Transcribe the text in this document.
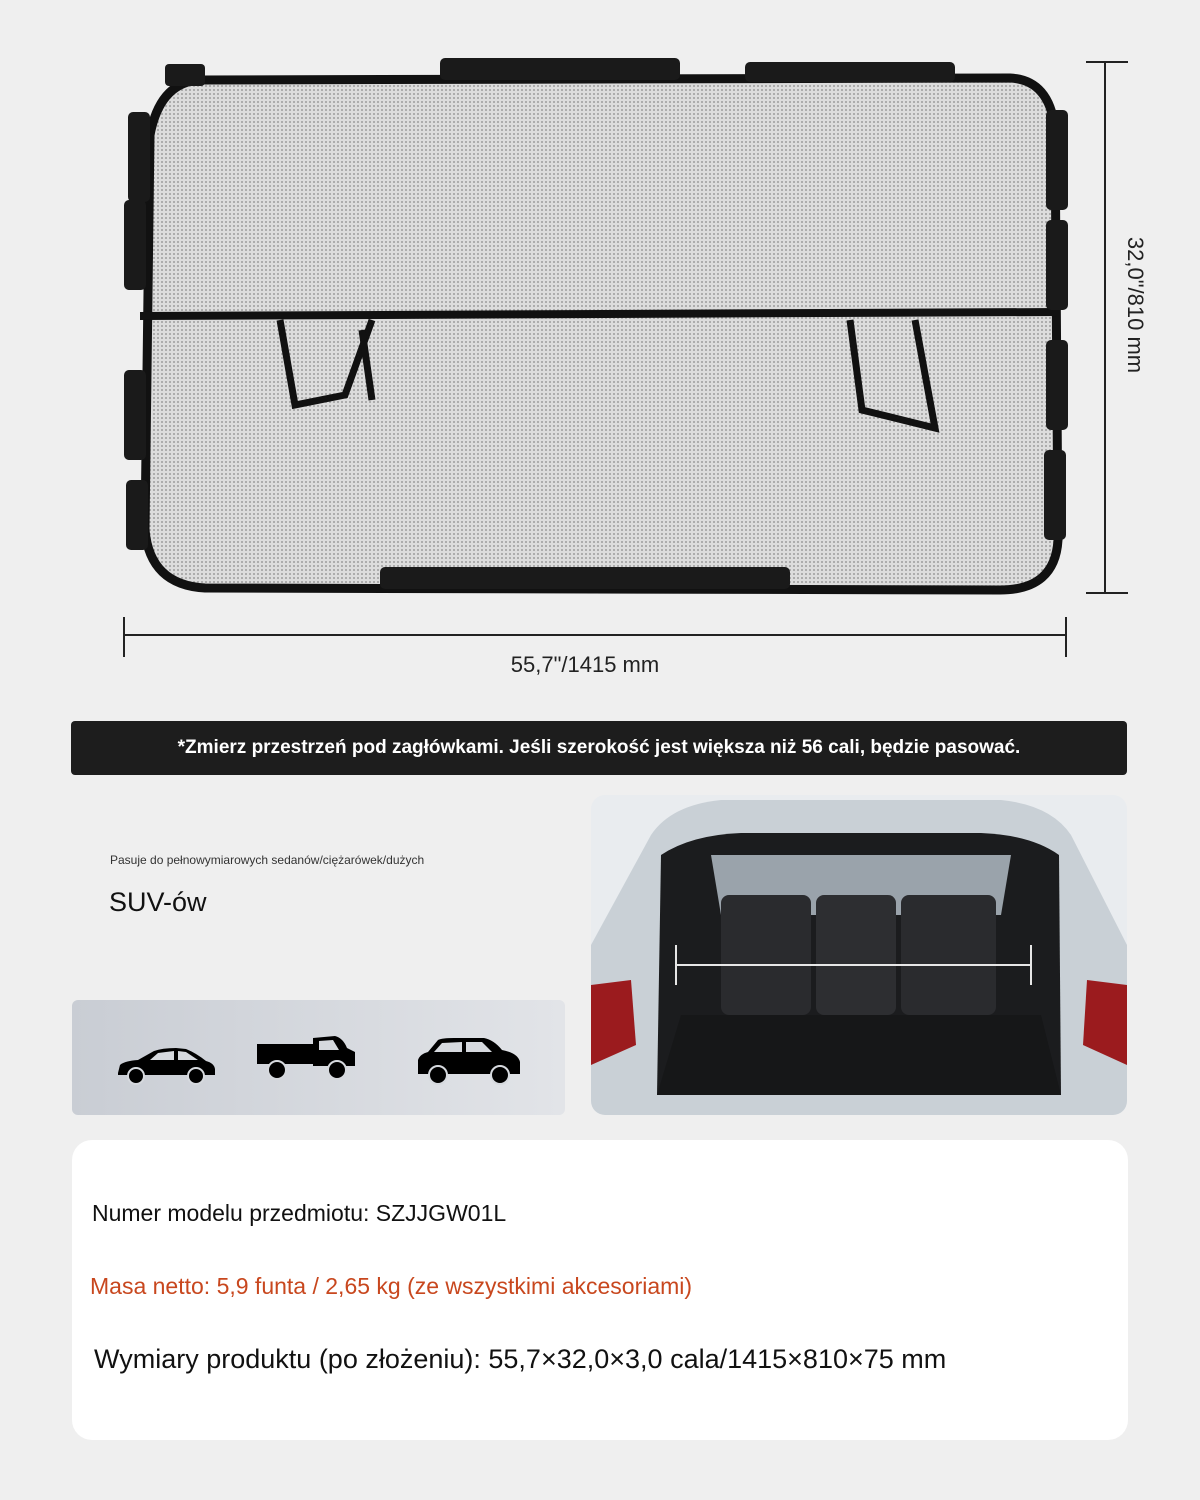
55,7"/1415 mm
32,0"/810 mm
*Zmierz przestrzeń pod zagłówkami. Jeśli szerokość jest większa niż 56 cali, będzie pasować.
Pasuje do pełnowymiarowych sedanów/ciężarówek/dużych
SUV-ów
Numer modelu przedmiotu: SZJJGW01L
Masa netto: 5,9 funta / 2,65 kg (ze wszystkimi akcesoriami)
Wymiary produktu (po złożeniu): 55,7×32,0×3,0 cala/1415×810×75 mm
